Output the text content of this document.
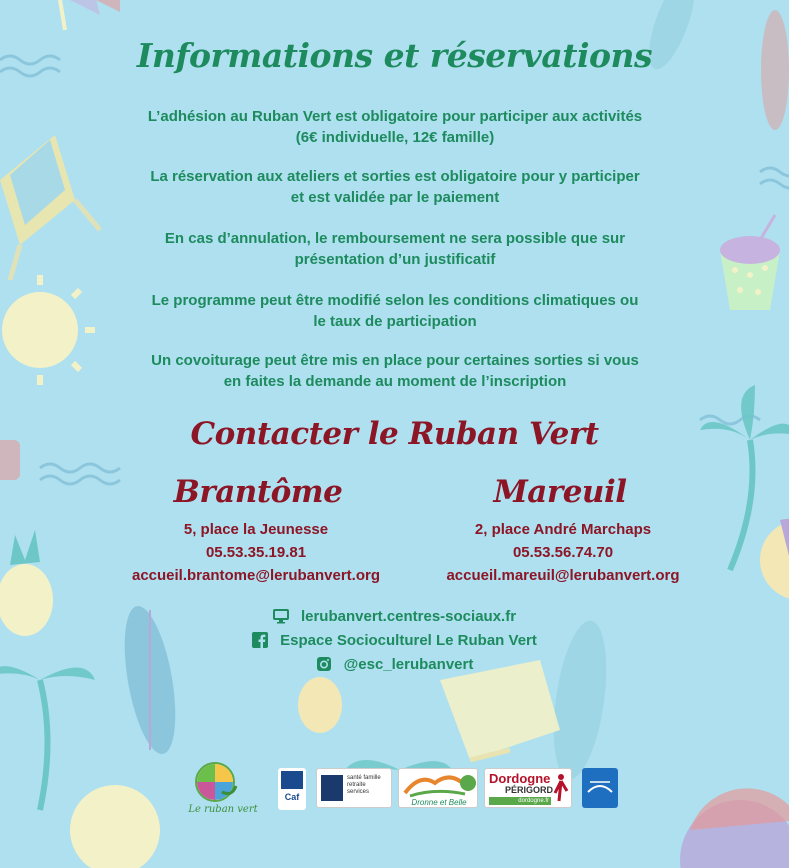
Informations et réservations
L’adhésion au Ruban Vert est obligatoire pour participer aux activités
(6€ individuelle, 12€ famille)
La réservation aux ateliers et sorties est obligatoire pour y participer
et est validée par le paiement
En cas d’annulation, le remboursement ne sera possible que sur
présentation d’un justificatif
Le programme peut être modifié selon les conditions climatiques ou
le taux de participation
Un covoiturage peut être mis en place pour certaines sorties si vous
en faites la demande au moment de l’inscription
Contacter le Ruban Vert
Brantôme	Mareuil
5, place la Jeunesse
05.53.35.19.81
accueil.brantome@lerubanvert.org
2, place André Marchaps
05.53.56.74.70
accueil.mareuil@lerubanvert.org
lerubanvert.centres-sociaux.fr
Espace Socioculturel Le Ruban Vert
@esc_lerubanvert
Le ruban vert
Caf
santé famille retraite services
Dronne et Belle
Dordogne
PÉRIGORD
dordogne.fr
